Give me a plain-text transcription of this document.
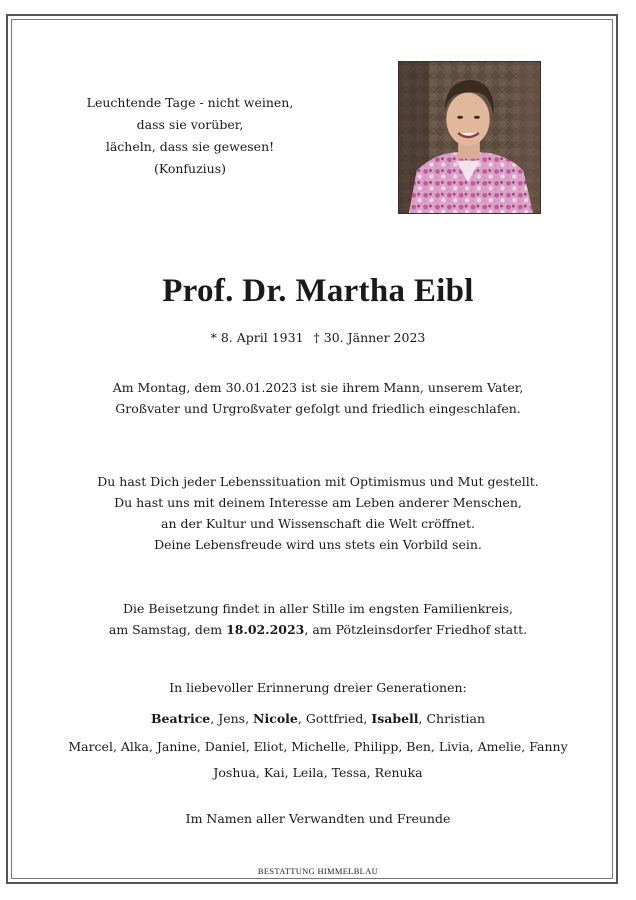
Leuchtende Tage - nicht weinen,
dass sie vorüber,
lächeln, dass sie gewesen!
(Konfuzius)
Prof. Dr. Martha Eibl
* 8. April 1931 † 30. Jänner 2023
Am Montag, dem 30.01.2023 ist sie ihrem Mann, unserem Vater,
Großvater und Urgroßvater gefolgt und friedlich eingeschlafen.
Du hast Dich jeder Lebenssituation mit Optimismus und Mut gestellt.
Du hast uns mit deinem Interesse am Leben anderer Menschen,
an der Kultur und Wissenschaft die Welt cröffnet.
Deine Lebensfreude wird uns stets ein Vorbild sein.
Die Beisetzung findet in aller Stille im engsten Familienkreis,
am Samstag, dem 18.02.2023, am Pötzleinsdorfer Friedhof statt.
In liebevoller Erinnerung dreier Generationen:
Beatrice, Jens, Nicole, Gottfried, Isabell, Christian
Marcel, Alka, Janine, Daniel, Eliot, Michelle, Philipp, Ben, Livia, Amelie, Fanny
Joshua, Kai, Leila, Tessa, Renuka
Im Namen aller Verwandten und Freunde
BESTATTUNG HIMMELBLAU
